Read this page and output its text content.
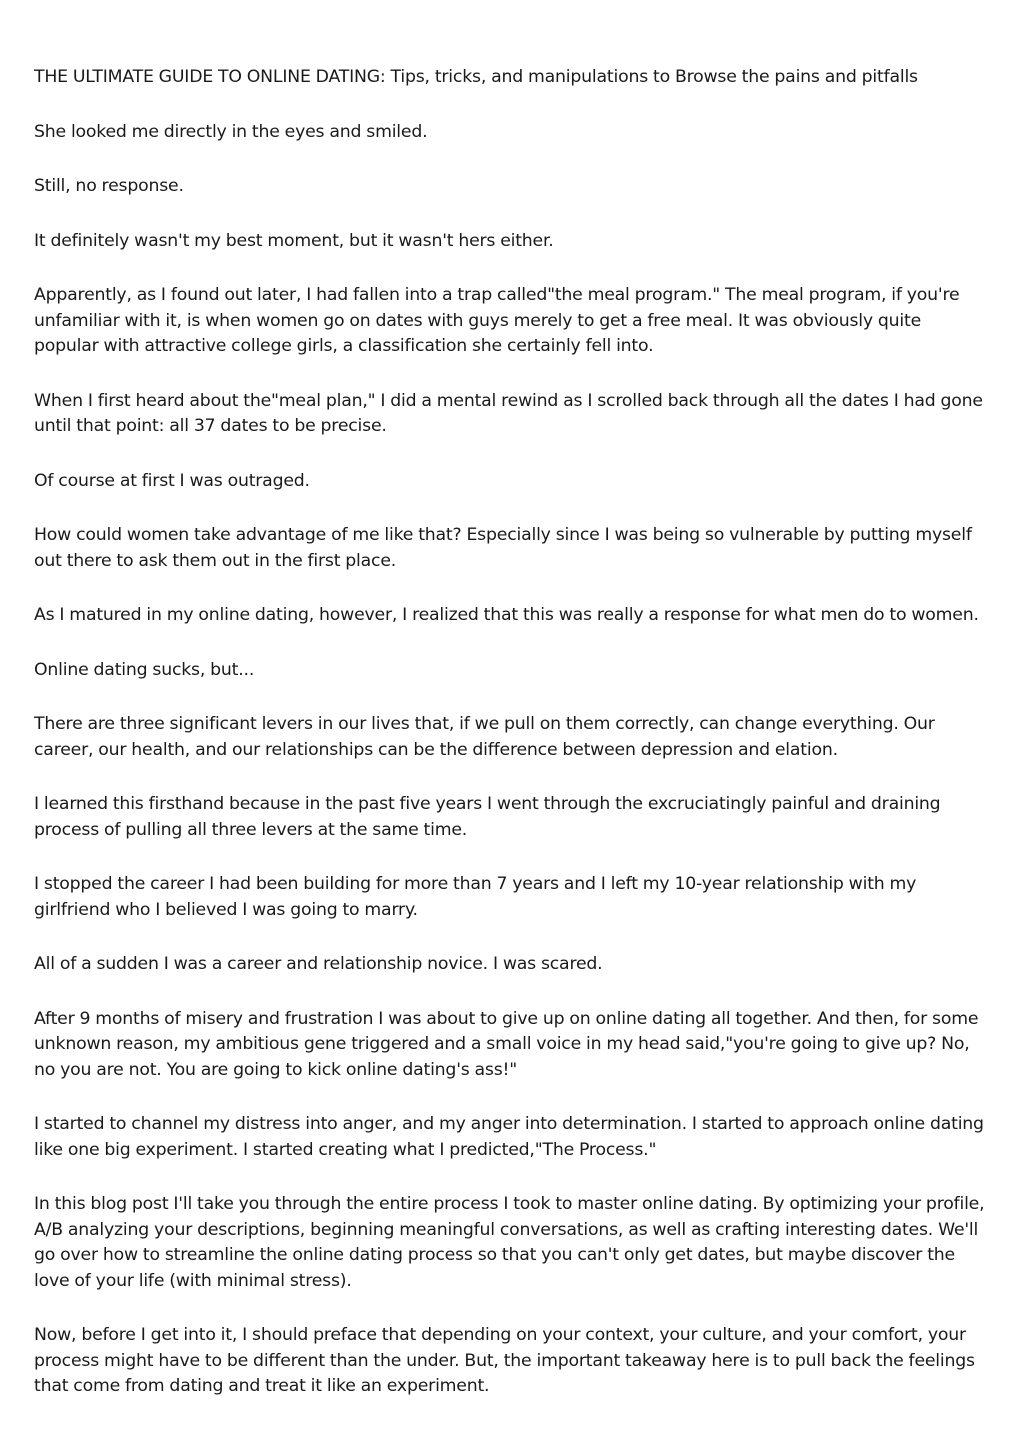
THE ULTIMATE GUIDE TO ONLINE DATING: Tips, tricks, and manipulations to Browse the pains and pitfalls

She looked me directly in the eyes and smiled.

Still, no response.

It definitely wasn't my best moment, but it wasn't hers either.

Apparently, as I found out later, I had fallen into a trap called"the meal program." The meal program, if you're unfamiliar with it, is when women go on dates with guys merely to get a free meal. It was obviously quite popular with attractive college girls, a classification she certainly fell into.

When I first heard about the"meal plan," I did a mental rewind as I scrolled back through all the dates I had gone until that point: all 37 dates to be precise.

Of course at first I was outraged.

How could women take advantage of me like that? Especially since I was being so vulnerable by putting myself out there to ask them out in the first place.

As I matured in my online dating, however, I realized that this was really a response for what men do to women.

Online dating sucks, but...

There are three significant levers in our lives that, if we pull on them correctly, can change everything. Our career, our health, and our relationships can be the difference between depression and elation.

I learned this firsthand because in the past five years I went through the excruciatingly painful and draining process of pulling all three levers at the same time.

I stopped the career I had been building for more than 7 years and I left my 10-year relationship with my girlfriend who I believed I was going to marry.

All of a sudden I was a career and relationship novice. I was scared.

After 9 months of misery and frustration I was about to give up on online dating all together. And then, for some unknown reason, my ambitious gene triggered and a small voice in my head said,"you're going to give up? No, no you are not. You are going to kick online dating's ass!"

I started to channel my distress into anger, and my anger into determination. I started to approach online dating like one big experiment. I started creating what I predicted,"The Process."

In this blog post I'll take you through the entire process I took to master online dating. By optimizing your profile, A/B analyzing your descriptions, beginning meaningful conversations, as well as crafting interesting dates. We'll go over how to streamline the online dating process so that you can't only get dates, but maybe discover the love of your life (with minimal stress).

Now, before I get into it, I should preface that depending on your context, your culture, and your comfort, your process might have to be different than the under. But, the important takeaway here is to pull back the feelings that come from dating and treat it like an experiment.
